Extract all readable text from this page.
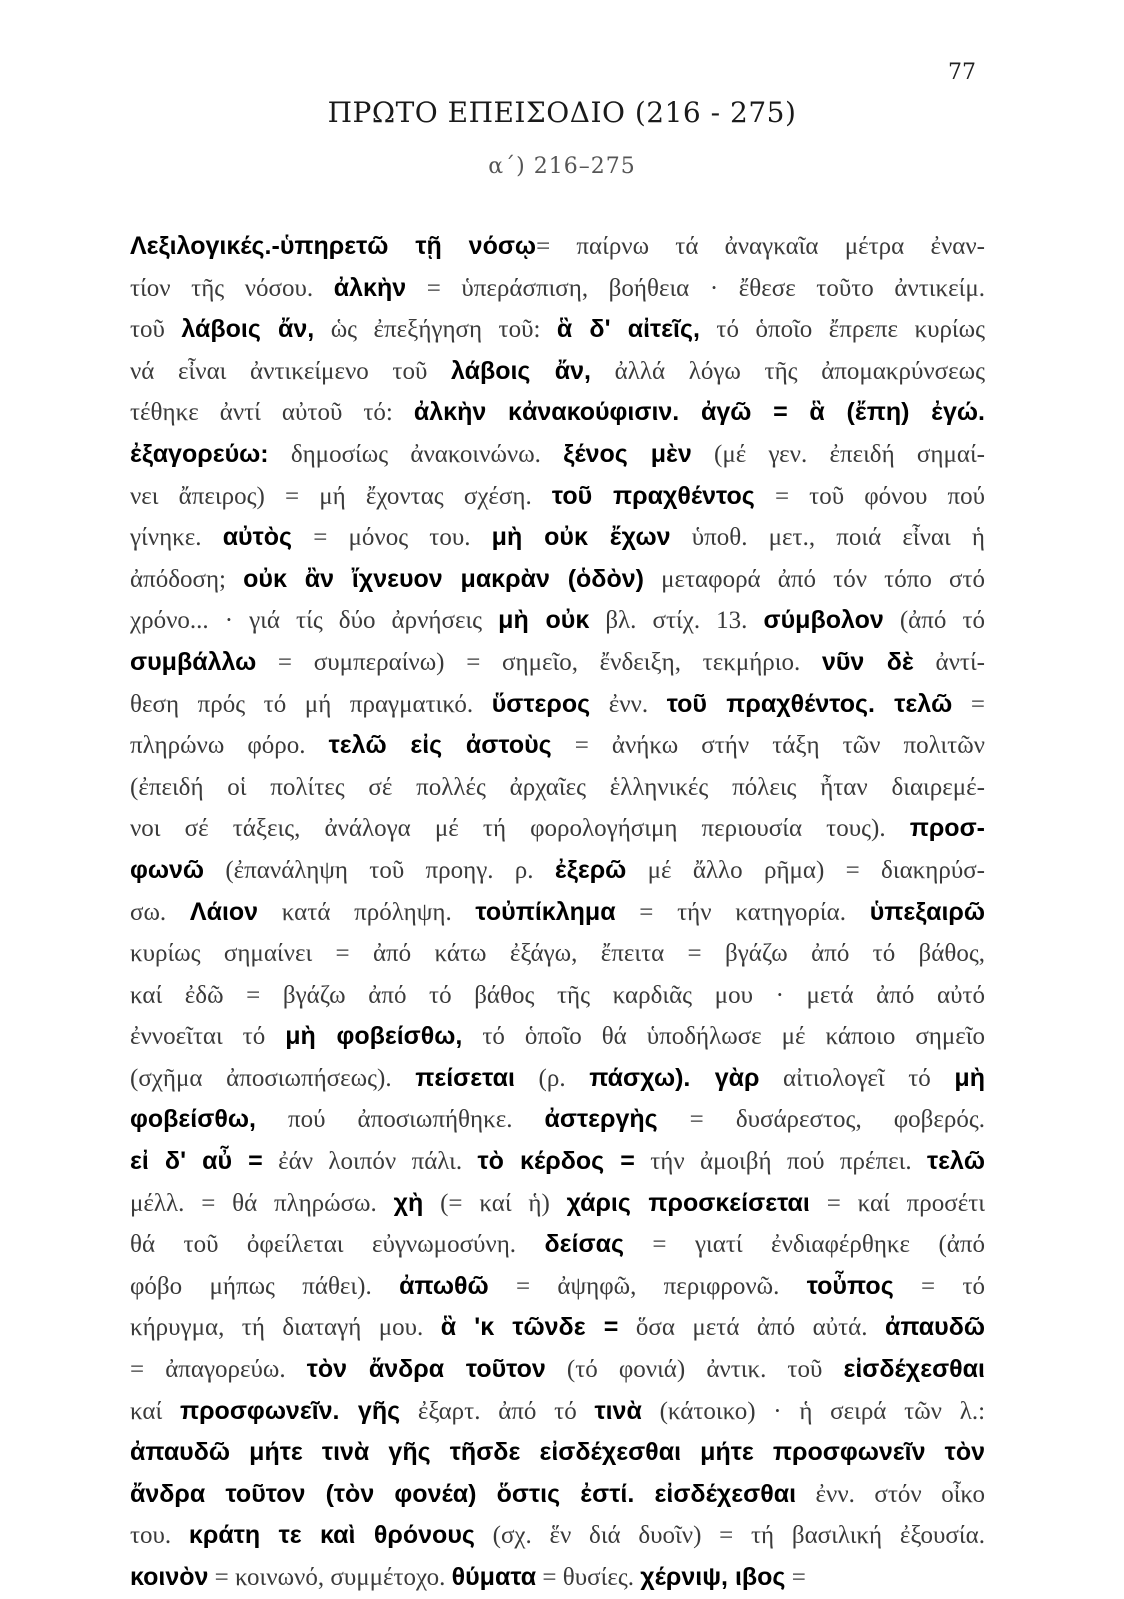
77
ΠΡΩΤΟ ΕΠΕΙΣΟΔΙΟ (216 - 275)
α΄) 216–275
Λεξιλογικές.-ὑπηρετῶ τῇ νόσῳ= παίρνω τά ἀναγκαῖα μέτρα ἐναν-
τίον τῆς νόσου. ἀλκὴν = ὑπεράσπιση, βοήθεια · ἔθεσε τοῦτο ἀντικείμ.
τοῦ λάβοις ἄν, ὡς ἐπεξήγηση τοῦ: ἃ δ' αἰτεῖς, τό ὁποῖο ἔπρεπε κυρίως
νά εἶναι ἀντικείμενο τοῦ λάβοις ἄν, ἀλλά λόγω τῆς ἀπομακρύνσεως
τέθηκε ἀντί αὐτοῦ τό: ἀλκὴν κἀνακούφισιν. ἀγῶ = ἃ (ἔπη) ἐγώ.
ἐξαγορεύω: δημοσίως ἀνακοινώνω. ξένος μὲν (μέ γεν. ἐπειδή σημαί-
νει ἄπειρος) = μή ἔχοντας σχέση. τοῦ πραχθέντος = τοῦ φόνου πού
γίνηκε. αὐτὸς = μόνος του. μὴ οὐκ ἔχων ὑποθ. μετ., ποιά εἶναι ἡ
ἀπόδοση; οὐκ ἂν ἴχνευον μακρὰν (ὁδὸν) μεταφορά ἀπό τόν τόπο στό
χρόνο... · γιά τίς δύο ἀρνήσεις μὴ οὐκ βλ. στίχ. 13. σύμβολον (ἀπό τό
συμβάλλω = συμπεραίνω) = σημεῖο, ἔνδειξη, τεκμήριο. νῦν δὲ ἀντί-
θεση πρός τό μή πραγματικό. ὕστερος ἐνν. τοῦ πραχθέντος. τελῶ =
πληρώνω φόρο. τελῶ εἰς ἀστοὺς = ἀνήκω στήν τάξη τῶν πολιτῶν
(ἐπειδή οἱ πολίτες σέ πολλές ἀρχαῖες ἑλληνικές πόλεις ἦταν διαιρεμέ-
νοι σέ τάξεις, ἀνάλογα μέ τή φορολογήσιμη περιουσία τους). προσ-
φωνῶ (ἐπανάληψη τοῦ προηγ. ρ. ἐξερῶ μέ ἄλλο ρῆμα) = διακηρύσ-
σω. Λάιον κατά πρόληψη. τοὐπίκλημα = τήν κατηγορία. ὑπεξαιρῶ
κυρίως σημαίνει = ἀπό κάτω ἐξάγω, ἔπειτα = βγάζω ἀπό τό βάθος,
καί ἐδῶ = βγάζω ἀπό τό βάθος τῆς καρδιᾶς μου · μετά ἀπό αὐτό
ἐννοεῖται τό μὴ φοβείσθω, τό ὁποῖο θά ὑποδήλωσε μέ κάποιο σημεῖο
(σχῆμα ἀποσιωπήσεως). πείσεται (ρ. πάσχω). γὰρ αἰτιολογεῖ τό μὴ
φοβείσθω, πού ἀποσιωπήθηκε. ἀστεργὴς = δυσάρεστος, φοβερός.
εἰ δ' αὖ = ἐάν λοιπόν πάλι. τὸ κέρδος = τήν ἀμοιβή πού πρέπει. τελῶ
μέλλ. = θά πληρώσω. χὴ (= καί ἡ) χάρις προσκείσεται = καί προσέτι
θά τοῦ ὀφείλεται εὐγνωμοσύνη. δείσας = γιατί ἐνδιαφέρθηκε (ἀπό
φόβο μήπως πάθει). ἀπωθῶ = ἀψηφῶ, περιφρονῶ. τοὖπος = τό
κήρυγμα, τή διαταγή μου. ἃ 'κ τῶνδε = ὅσα μετά ἀπό αὐτά. ἀπαυδῶ
= ἀπαγορεύω. τὸν ἄνδρα τοῦτον (τό φονιά) ἀντικ. τοῦ εἰσδέχεσθαι
καί προσφωνεῖν. γῆς ἐξαρτ. ἀπό τό τινὰ (κάτοικο) · ἡ σειρά τῶν λ.:
ἀπαυδῶ μήτε τινὰ γῆς τῆσδε εἰσδέχεσθαι μήτε προσφωνεῖν τὸν
ἄνδρα τοῦτον (τὸν φονέα) ὅστις ἐστί. εἰσδέχεσθαι ἐνν. στόν οἶκο
του. κράτη τε καὶ θρόνους (σχ. ἕν διά δυοῖν) = τή βασιλική ἐξουσία.
κοινὸν = κοινωνό, συμμέτοχο. θύματα = θυσίες. χέρνιψ, ιβος =
